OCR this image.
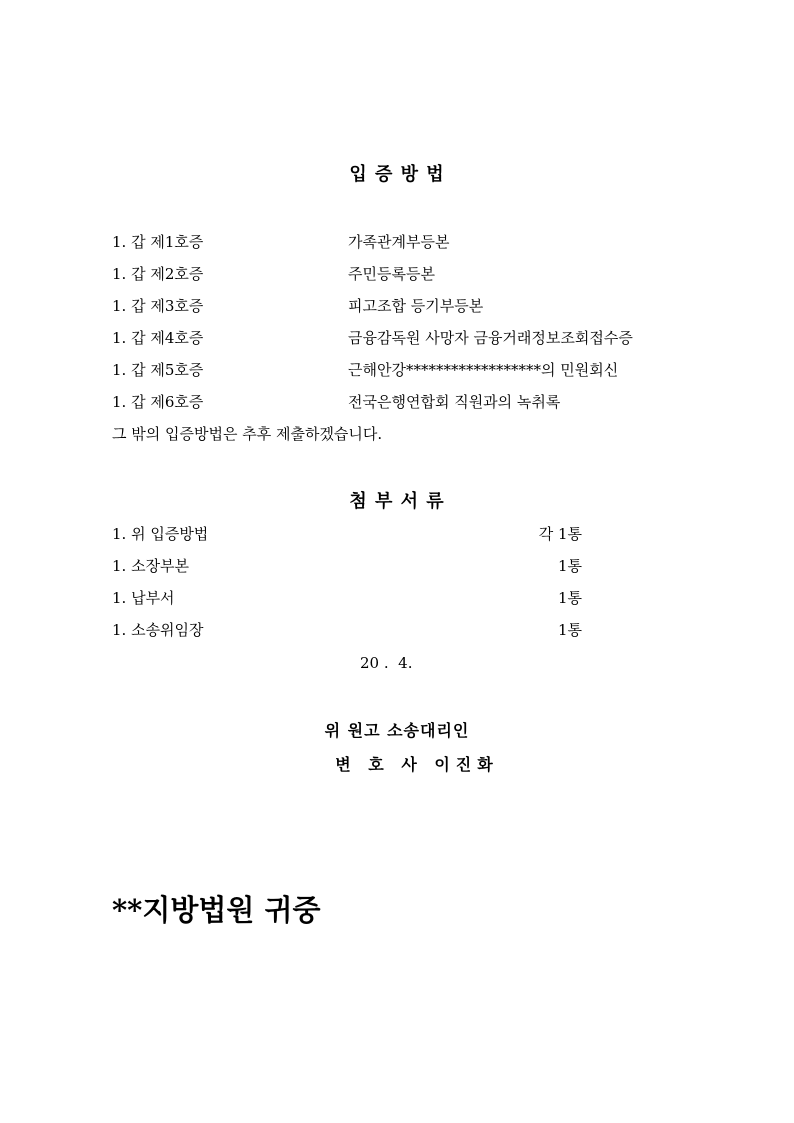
입 증 방 법
1. 갑 제1호증	가족관계부등본
1. 갑 제2호증	주민등록등본
1. 갑 제3호증	피고조합 등기부등본
1. 갑 제4호증	금융감독원 사망자 금융거래정보조회접수증
1. 갑 제5호증	근해안강******************의 민원회신
1. 갑 제6호증	전국은행연합회 직원과의 녹취록
그 밖의 입증방법은 추후 제출하겠습니다.
첨 부 서 류
1. 위 입증방법	각 1통
1. 소장부본	1통
1. 납부서	1통
1. 소송위임장	1통
20 .  4.
위 원고 소송대리인
변 호 사 이진화
**지방법원 귀중
